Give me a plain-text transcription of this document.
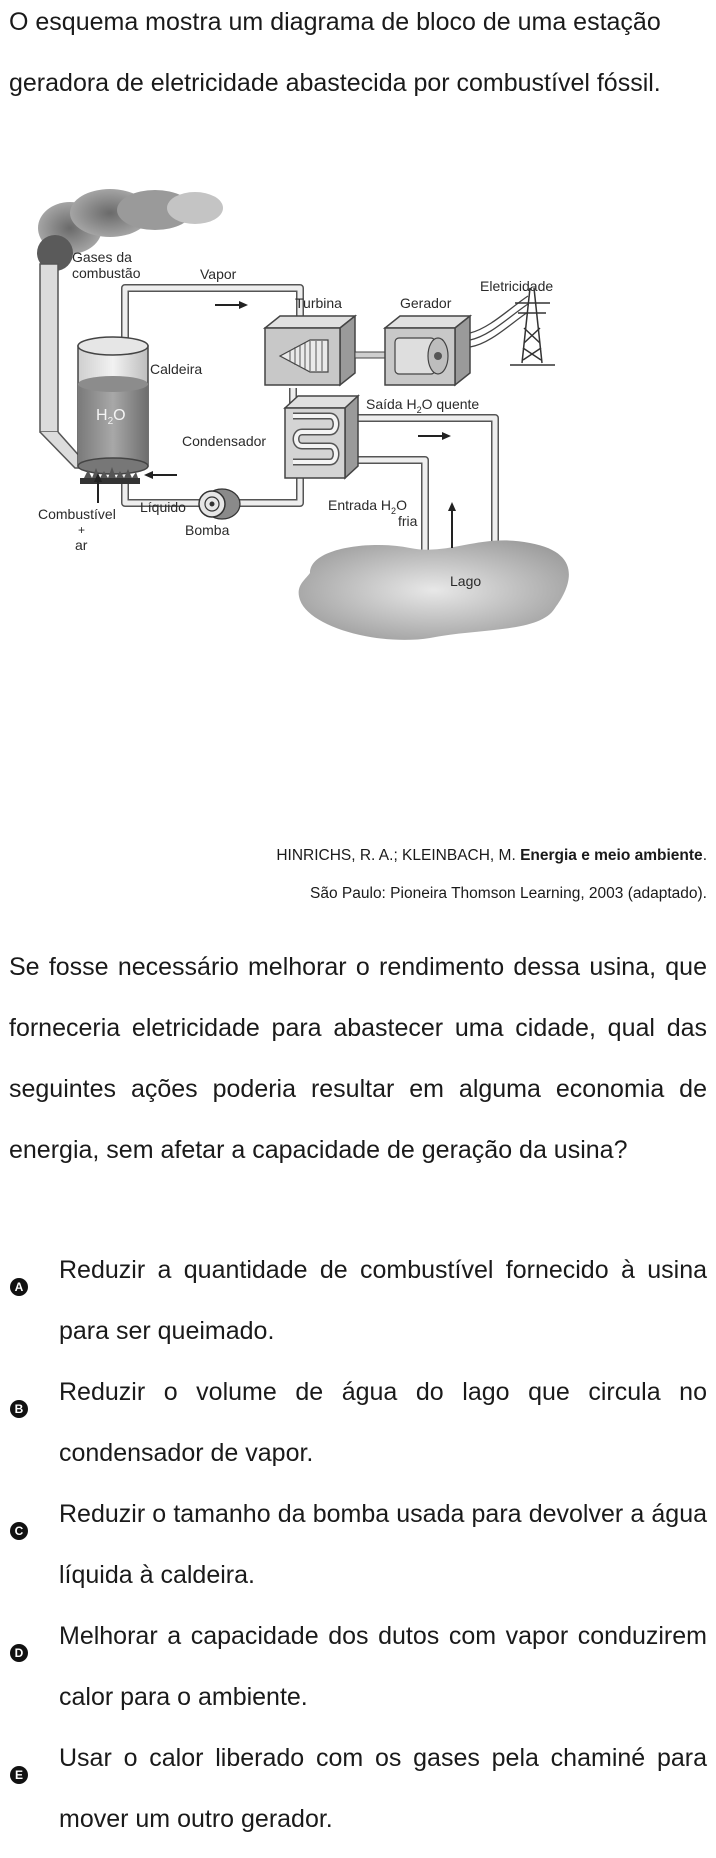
O esquema mostra um diagrama de bloco de uma estação geradora de eletricidade abastecida por combustível fóssil.

Gases da
combustão	Vapor
Turbina	Gerador
Eletricidade
Caldeira
$H_2O$
Condensador
Saída $H_2O$ quente
Líquido
Bomba
Entrada $H_2O$
fria
Combustível
+
ar
Lago

HINRICHS, R. A.; KLEINBACH, M. Energia e meio ambiente.

São Paulo: Pioneira Thomson Learning, 2003 (adaptado).

Se fosse necessário melhorar o rendimento dessa usina, que forneceria eletricidade para abastecer uma cidade, qual das seguintes ações poderia resultar em alguma economia de energia, sem afetar a capacidade de geração da usina?

A

Reduzir a quantidade de combustível fornecido à usina para ser queimado.

B

Reduzir o volume de água do lago que circula no condensador de vapor.

C

Reduzir o tamanho da bomba usada para devolver a água líquida à caldeira.

D

Melhorar a capacidade dos dutos com vapor conduzirem calor para o ambiente.

E

Usar o calor liberado com os gases pela chaminé para mover um outro gerador.
